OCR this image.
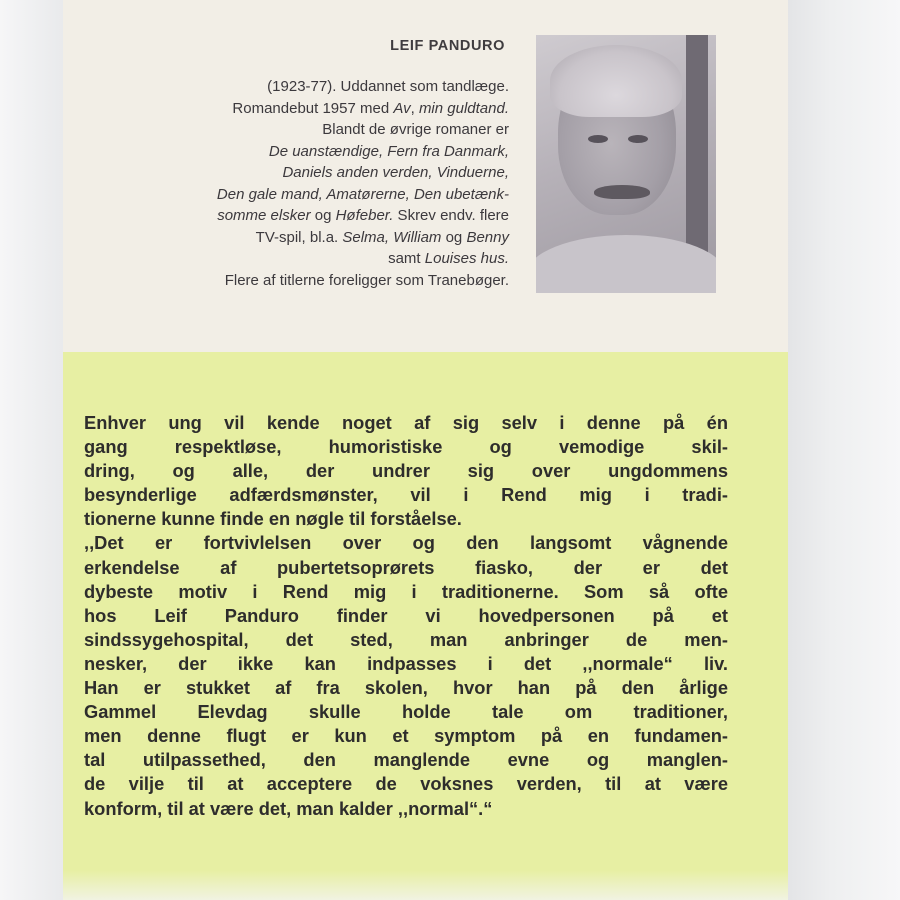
LEIF PANDURO
(1923-77). Uddannet som tandlæge.
Romandebut 1957 med Av, min guldtand.
Blandt de øvrige romaner er
De uanstændige, Fern fra Danmark,
Daniels anden verden, Vinduerne,
Den gale mand, Amatørerne, Den ubetænk-
somme elsker og Høfeber. Skrev endv. flere
TV-spil, bl.a. Selma, William og Benny
samt Louises hus.
Flere af titlerne foreligger som Tranebøger.
Enhver ung vil kende noget af sig selv i denne på én
gang respektløse, humoristiske og vemodige skil-
dring, og alle, der undrer sig over ungdommens
besynderlige adfærdsmønster, vil i Rend mig i tradi-
tionerne kunne finde en nøgle til forståelse.
,,Det er fortvivlelsen over og den langsomt vågnende
erkendelse af pubertetsoprørets fiasko, der er det
dybeste motiv i Rend mig i traditionerne. Som så ofte
hos Leif Panduro finder vi hovedpersonen på et
sindssygehospital, det sted, man anbringer de men-
nesker, der ikke kan indpasses i det ,,normale“ liv.
Han er stukket af fra skolen, hvor han på den årlige
Gammel Elevdag skulle holde tale om traditioner,
men denne flugt er kun et symptom på en fundamen-
tal utilpassethed, den manglende evne og manglen-
de vilje til at acceptere de voksnes verden, til at være
konform, til at være det, man kalder ,,normal“.“
